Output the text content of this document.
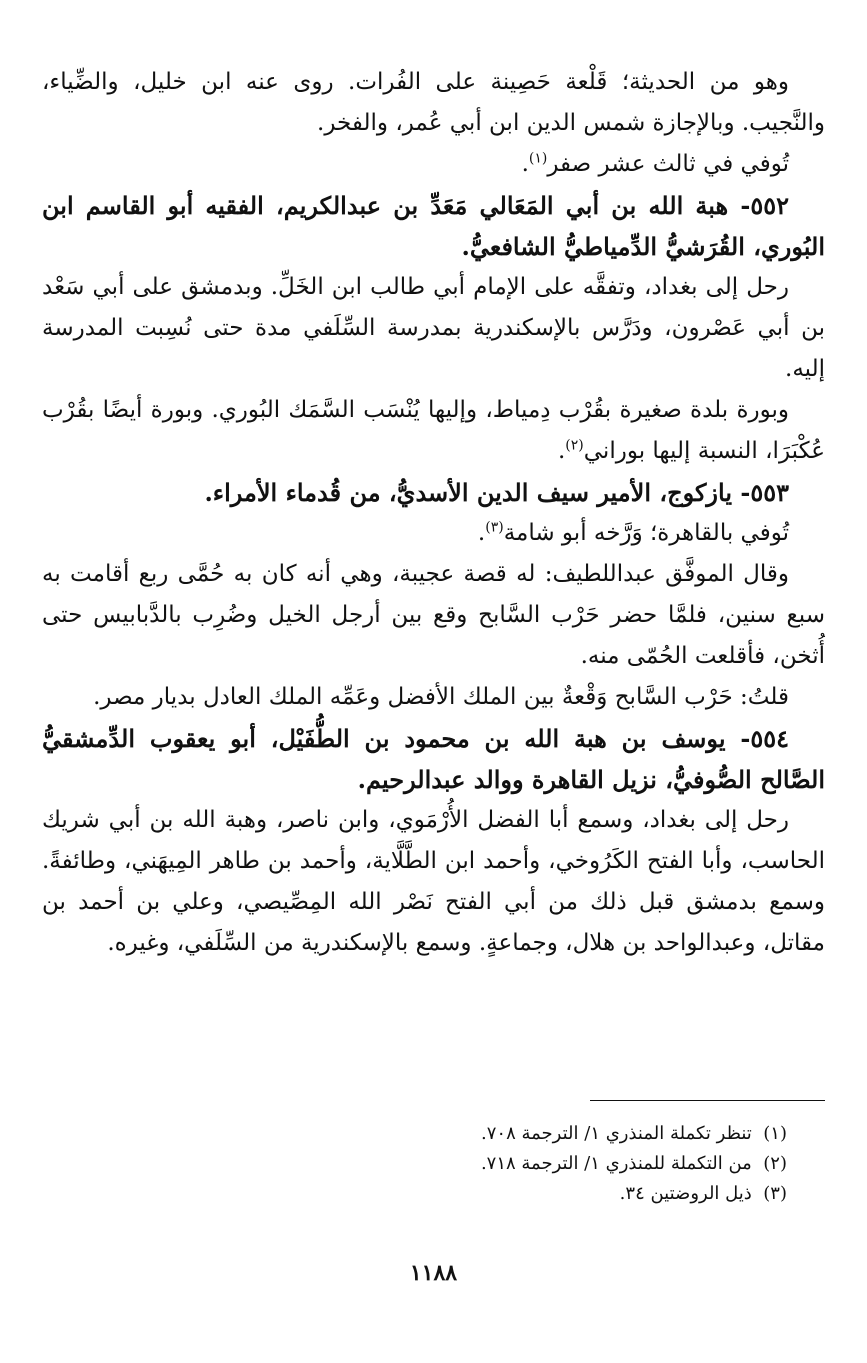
وهو من الحديثة؛ قَلْعة حَصِينة على الفُرات. روى عنه ابن خليل، والضِّياء، والنَّجيب. وبالإجازة شمس الدين ابن أبي عُمر، والفخر.

تُوفي في ثالث عشر صفر$^{(١)}$.

٥٥٢- هبة الله بن أبي المَعَالي مَعَدِّ بن عبدالكريم، الفقيه أبو القاسم ابن البُوري، القُرَشيُّ الدِّمياطيُّ الشافعيُّ.

رحل إلى بغداد، وتفقَّه على الإمام أبي طالب ابن الخَلِّ. وبدمشق على أبي سَعْد بن أبي عَصْرون، ودَرَّس بالإسكندرية بمدرسة السِّلَفي مدة حتى نُسِبت المدرسة إليه.

وبورة بلدة صغيرة بقُرْب دِمياط، وإليها يُنْسَب السَّمَك البُوري. وبورة أيضًا بقُرْب عُكْبَرَا، النسبة إليها بوراني$^{(٢)}$.

٥٥٣- يازكوج، الأمير سيف الدين الأسديُّ، من قُدماء الأمراء.

تُوفي بالقاهرة؛ وَرَّخه أبو شامة$^{(٣)}$.

وقال الموفَّق عبداللطيف: له قصة عجيبة، وهي أنه كان به حُمَّى ربع أقامت به سبع سنين، فلمَّا حضر حَرْب السَّابح وقع بين أرجل الخيل وضُرِب بالدَّبابيس حتى أُثخن، فأقلعت الحُمّى منه.

قلتُ: حَرْب السَّابح وَقْعةٌ بين الملك الأفضل وعَمِّه الملك العادل بديار مصر.

٥٥٤- يوسف بن هبة الله بن محمود بن الطُّفَيْل، أبو يعقوب الدِّمشقيُّ الصَّالح الصُّوفيُّ، نزيل القاهرة ووالد عبدالرحيم.

رحل إلى بغداد، وسمع أبا الفضل الأُرْمَوي، وابن ناصر، وهبة الله بن أبي شريك الحاسب، وأبا الفتح الكَرُوخي، وأحمد ابن الطَّلَّاية، وأحمد بن طاهر المِيهَني، وطائفةً. وسمع بدمشق قبل ذلك من أبي الفتح نَصْر الله المِصِّيصي، وعلي بن أحمد بن مقاتل، وعبدالواحد بن هلال، وجماعةٍ. وسمع بالإسكندرية من السِّلَفي، وغيره.

(١)  تنظر تكملة المنذري ١/ الترجمة ٧٠٨.

(٢)  من التكملة للمنذري ١/ الترجمة ٧١٨.

(٣)  ذيل الروضتين ٣٤.

١١٨٨
